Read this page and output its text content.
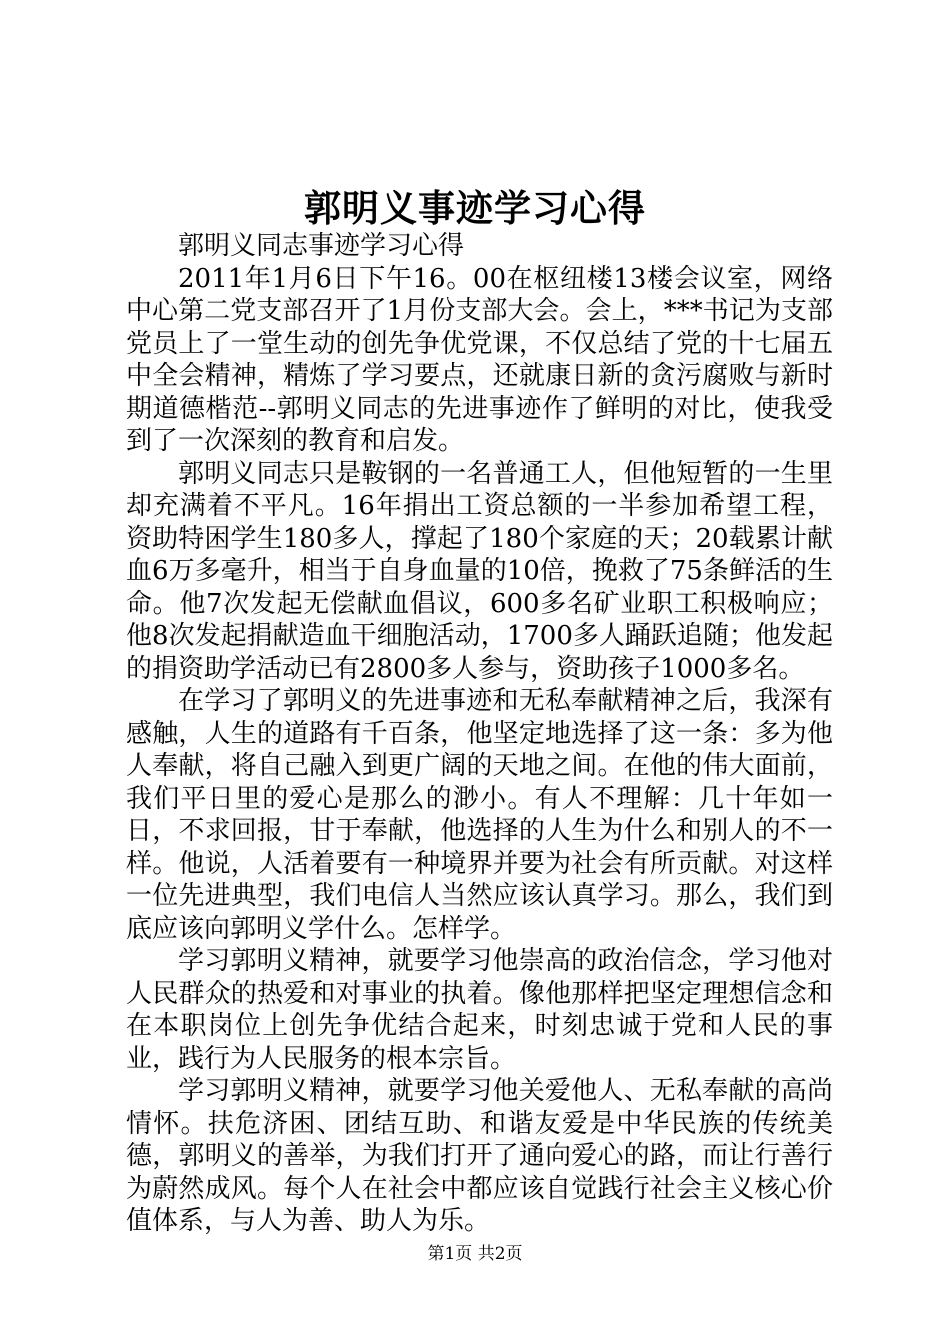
郭明义事迹学习心得

郭明义同志事迹学习心得

2011年1月6日下午16。00在枢纽楼13楼会议室，网络中心第二党支部召开了1月份支部大会。会上，***书记为支部党员上了一堂生动的创先争优党课，不仅总结了党的十七届五中全会精神，精炼了学习要点，还就康日新的贪污腐败与新时期道德楷范--郭明义同志的先进事迹作了鲜明的对比，使我受到了一次深刻的教育和启发。

郭明义同志只是鞍钢的一名普通工人，但他短暂的一生里却充满着不平凡。16年捐出工资总额的一半参加希望工程，资助特困学生180多人，撑起了180个家庭的天；20载累计献血6万多毫升，相当于自身血量的10倍，挽救了75条鲜活的生命。他7次发起无偿献血倡议，600多名矿业职工积极响应；他8次发起捐献造血干细胞活动，1700多人踊跃追随；他发起的捐资助学活动已有2800多人参与，资助孩子1000多名。

在学习了郭明义的先进事迹和无私奉献精神之后，我深有感触，人生的道路有千百条，他坚定地选择了这一条：多为他人奉献，将自己融入到更广阔的天地之间。在他的伟大面前，我们平日里的爱心是那么的渺小。有人不理解：几十年如一日，不求回报，甘于奉献，他选择的人生为什么和别人的不一样。他说，人活着要有一种境界并要为社会有所贡献。对这样一位先进典型，我们电信人当然应该认真学习。那么，我们到底应该向郭明义学什么。怎样学。

学习郭明义精神，就要学习他崇高的政治信念，学习他对人民群众的热爱和对事业的执着。像他那样把坚定理想信念和在本职岗位上创先争优结合起来，时刻忠诚于党和人民的事业，践行为人民服务的根本宗旨。

学习郭明义精神，就要学习他关爱他人、无私奉献的高尚情怀。扶危济困、团结互助、和谐友爱是中华民族的传统美德，郭明义的善举，为我们打开了通向爱心的路，而让行善行为蔚然成风。每个人在社会中都应该自觉践行社会主义核心价值体系，与人为善、助人为乐。

第1页 共2页
